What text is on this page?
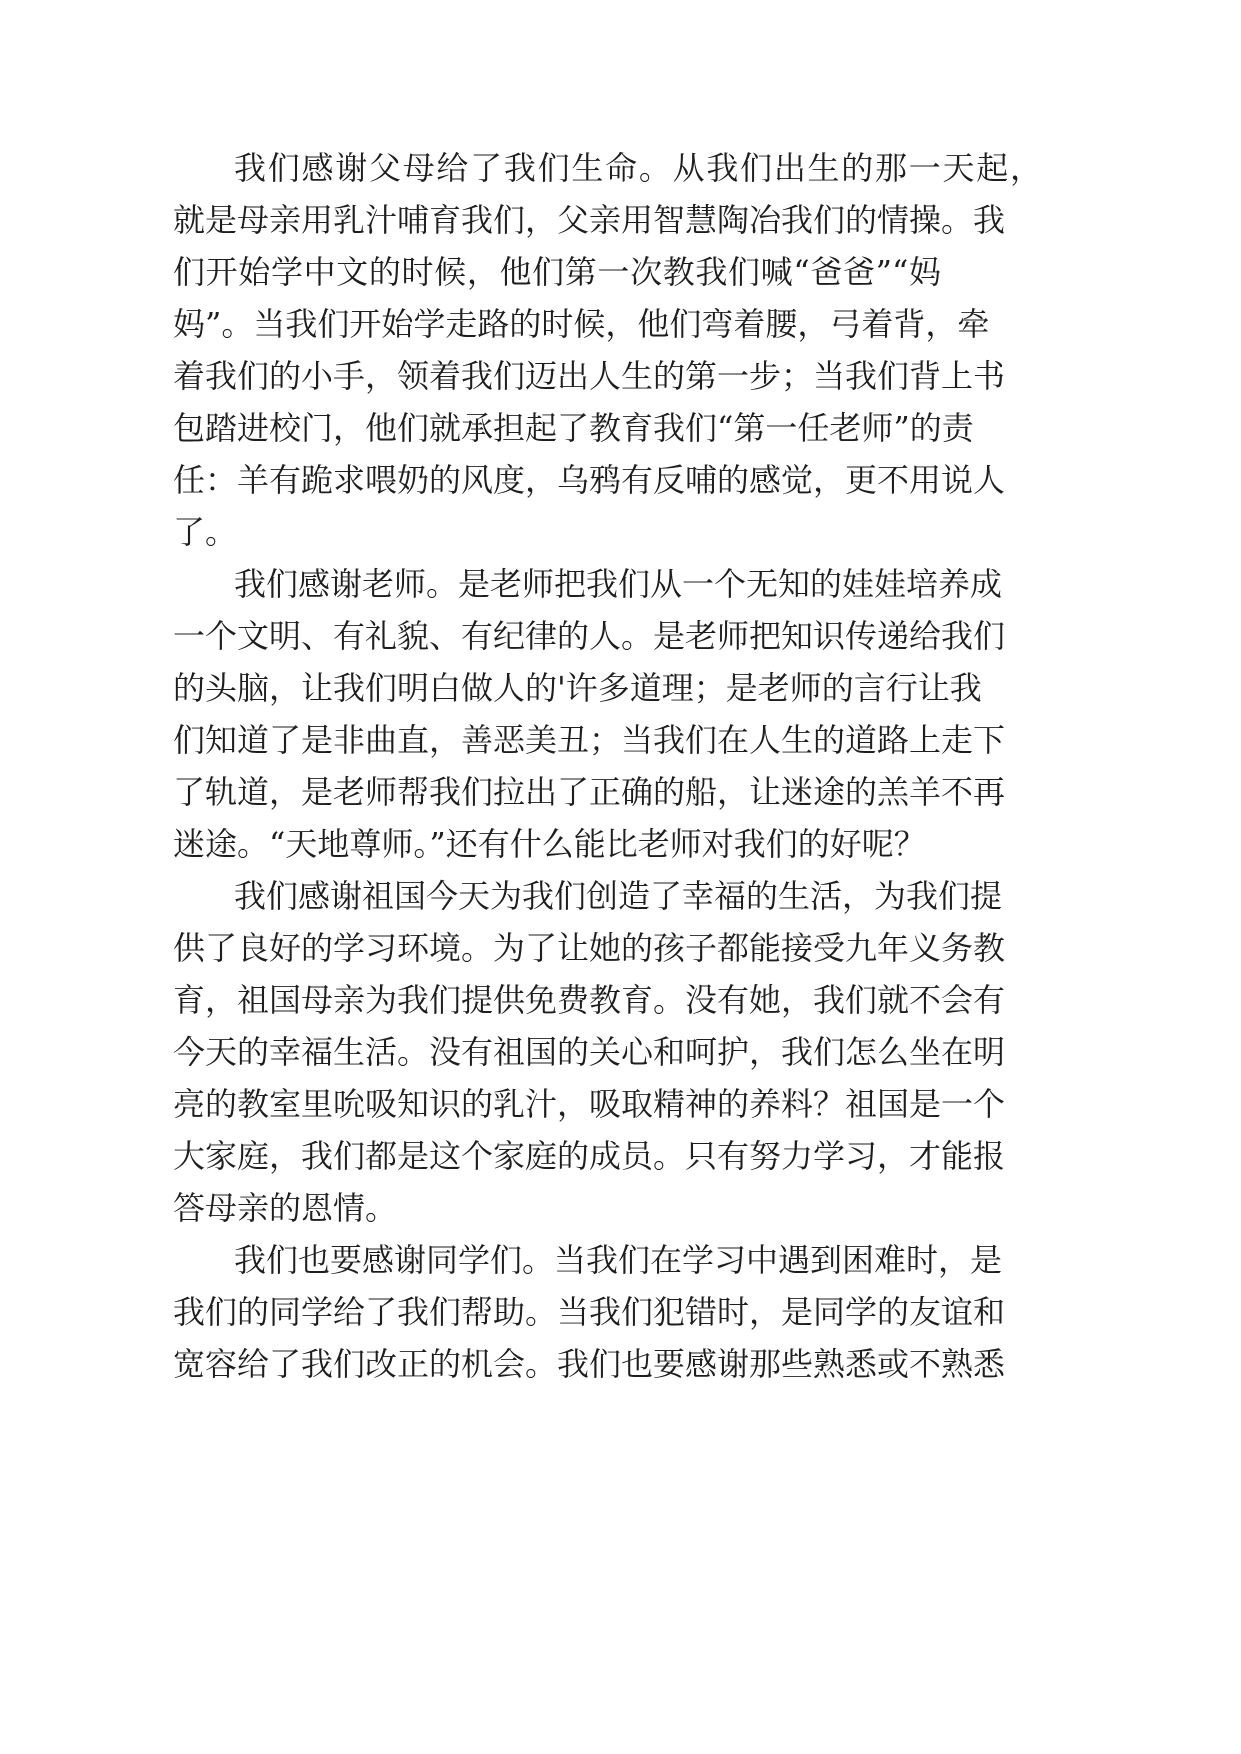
我们感谢父母给了我们生命。从我们出生的那一天起，
就是母亲用乳汁哺育我们，父亲用智慧陶冶我们的情操。我
们开始学中文的时候，他们第一次教我们喊“爸爸”“妈
妈”。当我们开始学走路的时候，他们弯着腰，弓着背，牵
着我们的小手，领着我们迈出人生的第一步；当我们背上书
包踏进校门，他们就承担起了教育我们“第一任老师”的责
任：羊有跪求喂奶的风度，乌鸦有反哺的感觉，更不用说人
了。
我们感谢老师。是老师把我们从一个无知的娃娃培养成
一个文明、有礼貌、有纪律的人。是老师把知识传递给我们
的头脑，让我们明白做人的'许多道理；是老师的言行让我
们知道了是非曲直，善恶美丑；当我们在人生的道路上走下
了轨道，是老师帮我们拉出了正确的船，让迷途的羔羊不再
迷途。“天地尊师。”还有什么能比老师对我们的好呢？
我们感谢祖国今天为我们创造了幸福的生活，为我们提
供了良好的学习环境。为了让她的孩子都能接受九年义务教
育，祖国母亲为我们提供免费教育。没有她，我们就不会有
今天的幸福生活。没有祖国的关心和呵护，我们怎么坐在明
亮的教室里吮吸知识的乳汁，吸取精神的养料？祖国是一个
大家庭，我们都是这个家庭的成员。只有努力学习，才能报
答母亲的恩情。
我们也要感谢同学们。当我们在学习中遇到困难时，是
我们的同学给了我们帮助。当我们犯错时，是同学的友谊和
宽容给了我们改正的机会。我们也要感谢那些熟悉或不熟悉
